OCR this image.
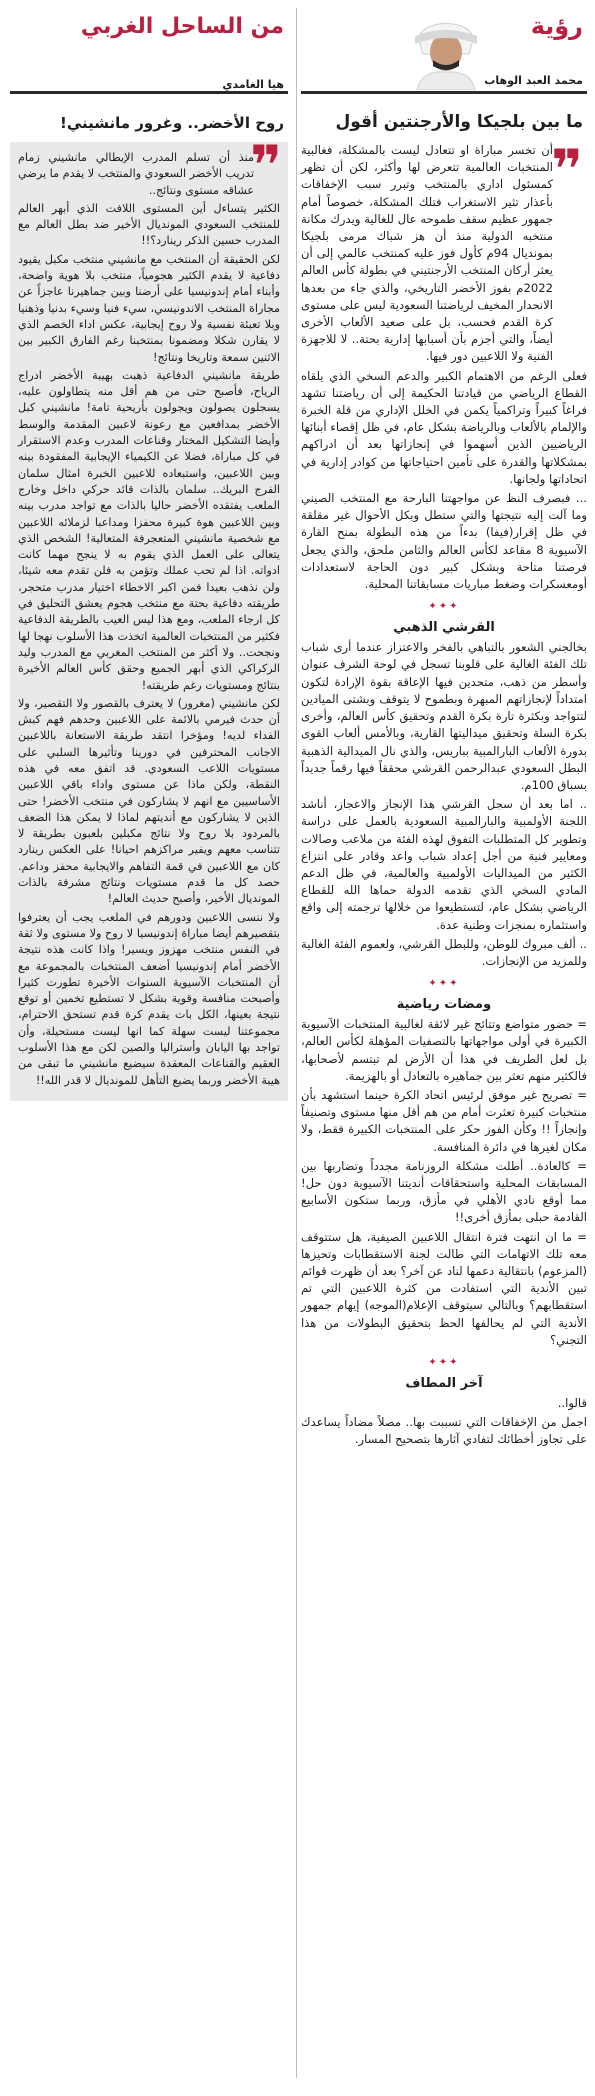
رؤية
محمد العبد الوهاب
ما بين بلجيكا والأرجنتين أقول
❞

أن تخسر مباراة او تتعادل ليست بالمشكلة، فغالبية المنتخبات العالمية تتعرض لها وأكثر، لكن أن تظهر كمسئول اداري بالمنتخب وتبرر سبب الإخفاقات بأعذار تثير الاستغراب فتلك المشكلة، خصوصاً أمام جمهور عظيم سقف طموحه عال للغالية ويدرك مكانة منتخبه الدولية منذ أن هز شباك مرمى بلجيكا بمونديال 94م كأول فوز عليه كمنتخب عالمي إلى أن يعثر أركان المنتخب الأرجنتيني في بطولة كأس العالم 2022م بفوز الأخضر التاريخي، والذي جاء من بعدها الانحدار المخيف لرياضتنا السعودية ليس على مستوى كرة القدم فحسب، بل على صعيد الألعاب الأخرى أيضاً، والتي أجزم بأن أسبابها إدارية بحتة.. لا للاجهزة الفنية ولا اللاعبين دور فيها.

فعلى الرغم من الاهتمام الكبير والدعم السخي الذي يلقاه القطاع الرياضي من قيادتنا الحكيمة إلى أن رياضتنا تشهد فراغاً كبيراً وتراكمياً يكمن في الخلل الإداري من قلة الخبرة والإلمام بالألعاب وبالرياضة بشكل عام، في ظل إقصاء أبنائها الرياضيين الذين أسهموا في إنجازاتها بعد أن ادراكهم بمشكلاتها والقدرة على تأمين احتياجاتها من كوادر إدارية في اتحاداتها ولجانها.

... فبصرف النظ عن مواجهتنا البارحة مع المنتخب الصيني وما آلت إليه نتيجتها والتي ستطل وبكل الأحوال غير مقلقة في ظل إقرار(فيفا) بدءاً من هذه البطولة بمنح القارة الآسيوية 8 مقاعد لكأس العالم والثامن ملحق، والذي يجعل فرصتنا متاحة وبشكل كبير دون الحاجة لاستعدادات أومعسكرات وضغط مباريات مسابقاتنا المحلية.

✦✦✦
القرشي الذهبي

بخالجني الشعور بالتباهي بالفخر والاعتزاز عندما أرى شباب تلك الفئة الغالية على قلوبنا تسجل في لوحة الشرف عنوان وأسطر من ذهب، متحدين فيها الإعاقة بقوة الإرادة لتكون امتداداً لإنجازاتهم المبهرة وبطموح لا يتوقف وبشتى الميادين لتتواجد وبكثرة تارة بكرة القدم وتحقيق كأس العالم، وأخرى بكرة السلة وتحقيق ميداليتها القارية، وبالأمس ألعاب القوى بدورة الألعاب البارالمبية بباريس، والذي نال الميدالية الذهبية البطل السعودي عبدالرحمن القرشي محققاً فيها رقماً جديداً بسباق 100م.

.. اما بعد أن سجل القرشي هذا الإنجاز والاعجاز، أناشد اللجنة الأولمبية والبارالمبية السعودية بالعمل على دراسة وتطوير كل المتطلبات التفوق لهذه الفئة من ملاعب وصالات ومعايير فنية من أجل إعداد شباب واعد وقادر على انتزاع الكثير من الميداليات الأولمبية والعالمية، في ظل الدعم المادي السخي الذي تقدمه الدولة حماها الله للقطاع الرياضي بشكل عام، لتستطيعوا من خلالها ترجمته إلى واقع واستثماره بمنجزات وطنية عدة.

.. ألف مبروك للوطن، وللبطل القرشي، ولعموم الفئة الغالية وللمزيد من الإنجازات.

✦✦✦
ومضات رياضية

= حضور متواضع وتتائج غير لائقة لغالبية المنتخبات الآسيوية الكبيرة في أولى مواجهاتها بالتصفيات المؤهلة لكأس العالم، بل لعل الطريف في هذا أن الأرض لم تبتسم لأصحابها، فالكثير منهم تعثر بين جماهيره بالتعادل أو بالهزيمة.

= تصريح غير موفق لرئيس اتحاد الكرة حينما استشهد بأن منتخبات كبيرة تعثرت أمام من هم أقل منها مستوى وتصنيفاً وإنجازاً !! وكأن الفوز حكر على المنتخبات الكبيرة فقط، ولا مكان لغيرها في دائرة المنافسة.

= كالعادة.. أطلت مشكلة الروزنامة مجدداً وتضاربها بين المسابقات المحلية واستحقاقات أنديتنا الآسيوية دون حل! مما أوقع نادي الأهلي في مأزق، وربما ستكون الأسابيع القادمة حبلى بمأزق أخرى!!

= ما ان انتهت فترة انتقال اللاعبين الصيفية، هل ستتوقف معه تلك الاتهامات التي طالت لجنة الاستقطابات وتحيزها (المزعوم) بانتقالية دعمها لناد عن آخر؟ بعد أن ظهرت قوائم تبين الأندية التي استفادت من كثرة اللاعبين التي تم استقطابهم؟ وبالتالي سيتوقف الإعلام(الموجه) إيهام جمهور الأندية التي لم يحالفها الحظ بتحقيق البطولات من هذا التجني؟

✦✦✦
آخر المطاف

قالوا..

اجمل من الإخفاقات التي تسببت بها.. مصلاً مضاداً يساعدك على تجاوز أخطائك لتفادي آثارها بتصحيح المسار.

من الساحل الغربي
هيا الغامدي
روح الأخضر.. وغرور مانشيني!
❞

منذ أن تسلم المدرب الإيطالي مانشيني زمام تدريب الأخضر السعودي والمنتخب لا يقدم ما يرضي عشاقه مستوى ونتائج..

الكثير يتساءل أين المستوى اللافت الذي أبهر العالم للمنتخب السعودي المونديال الأخير ضد بطل العالم مع المدرب حسين الذكر رينارد؟!!

لكن الحقيقة أن المنتخب مع مانشيني منتخب مكبل يقيود دفاعية لا يقدم الكثير هجومياً، منتخب بلا هوية واضحة، وأبناء أمام إندونيسيا على أرضنا وبين جماهيرنا عاجزاً عن مجاراة المنتخب الاندونيسي، سيء فنيا وسيء بدنيا وذهنيا وبلا تعبئة نفسية ولا روح إيجابية، عكس اداء الخصم الذي لا يقارن شكلا ومضمونا بمنتخبنا رغم الفارق الكبير بين الاثنين سمعة وتاريخا ونتائج!

طريقة مانشيني الدفاعية ذهبت بهيبة الأخضر ادراج الرياح، فأصبح حتى من هم أقل منه يتطاولون عليه، يسجلون يصولون ويجولون بأريحية تامة! مانشيني كبل الأخضر بمدافعين مع رعونة لاعبين المقدمة والوسط وأيضا التشكيل المختار وقناعات المدرب وعدم الاستقرار في كل مباراة، فضلا عن الكيمياء الإيجابية المفقودة بينه وبين اللاعبين، واستبعاده للاعبين الخبرة امثال سلمان الفرج البريك.. سلمان بالذات قائد حركي داخل وخارج الملعب يفتقده الأخضر حاليا بالذات مع تواجد مدرب بينه وبين اللاعبين هوة كبيرة محفزا ومداعبا لزملائه اللاعبين مع شخصية مانشيني المتعجرفة المتعالية! الشخص الذي يتعالى على العمل الذي يقوم به لا ينجح مهما كانت ادواته. اذا لم تحب عملك وتؤمن به فلن تقدم معه شيئا، ولن نذهب بعيدا فمن اكبر الاخطاء اختيار مدرب متحجر، طريقته دفاعية بحتة مع منتخب هجوم يعشق التحليق في كل ارجاء الملعب، ومع هذا ليس العيب بالطريقة الدفاعية فكثير من المنتخبات العالمية اتخذت هذا الأسلوب نهجا لها ونجحت.. ولا أكثر من المنتخب المغربي مع المدرب وليد الركراكي الذي أبهر الجميع وحقق كأس العالم الأخيرة بنتائج ومستويات رغم طريقته!

لكن مانشيني (مغرور) لا يعترف بالقصور ولا التقصير، ولا أن حدث فيرمي بالائمة على اللاعبين وحدهم فهم كبش الفداء لديه! ومؤخرا انتقد طريقة الاستعانة باللاعبين الاجانب المحترفين في دورينا وتأثيرها السلبي على مستويات اللاعب السعودي. قد اتفق معه في هذه النقطة، ولكن ماذا عن مستوى واداء باقي اللاعبين الأساسيين مع انهم لا يشاركون في منتخب الأخضر! حتى الذين لا يشاركون مع أنديتهم لماذا لا يمكن هذا الضعف بالمردود بلا روح ولا نتائج مكبلين بلعبون بطريقة لا تتناسب معهم ويفير مراكزهم احيانا! على العكس رينارد كان مع اللاعبين في قمة التفاهم والايجابية محفز وداعم. حصد كل ما قدم مستويات ونتائج مشرفة بالذات المونديال الأخير، وأصبح حديث العالم!

ولا ننسى اللاعبين ودورهم في الملعب يجب أن يعترفوا بتقصيرهم أيضا مباراة إندونيسيا لا روح ولا مستوى ولا ثقة في النفس منتخب مهزوز ويسير! واذا كانت هذه نتيجة الأخضر أمام إندونيسيا أضعف المنتخبات بالمجموعة مع أن المنتخبات الآسيوية السنوات الأخيرة تطورت كثيرا وأصبحت منافسة وقوية بشكل لا تستطيع تخمين أو توقع نتيجة بعينها، الكل بات يقدم كرة قدم تستحق الاحترام، مجموعتنا ليست سهلة كما انها ليست مستحيلة، وأن تواجد بها اليابان وأستراليا والصين لكن مع هذا الأسلوب العقيم والقناعات المعقدة سيضيع مانشيني ما تبقى من هيبة الأخضر وربما يضيع التأهل للمونديال لا قدر الله!!
